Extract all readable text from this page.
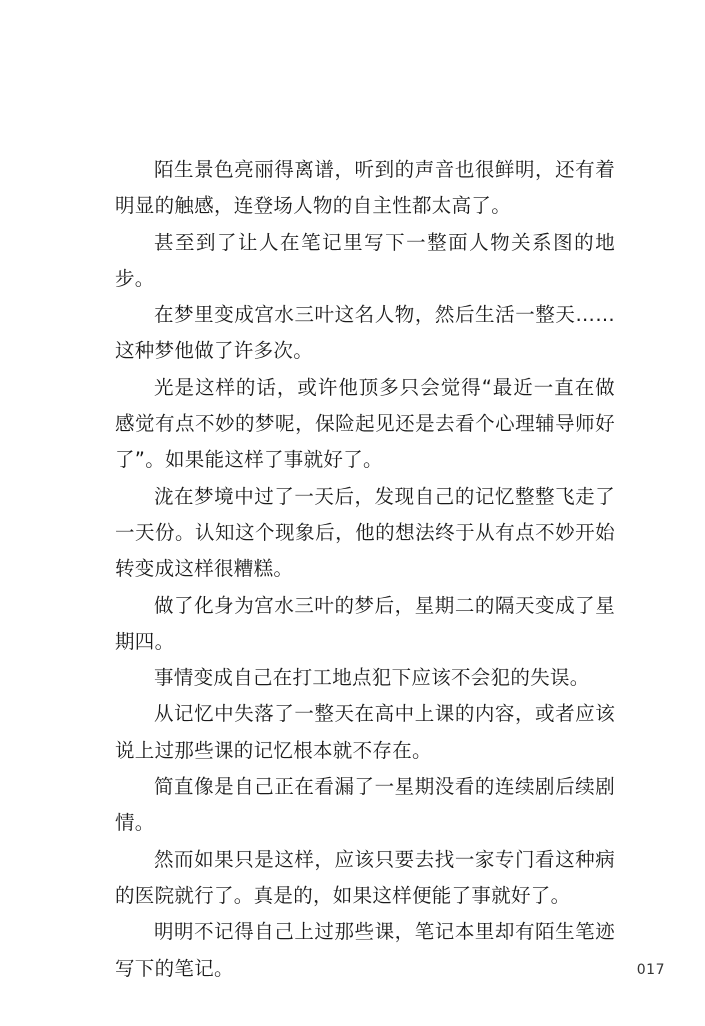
陌生景色亮丽得离谱，听到的声音也很鲜明，还有着明显的触感，连登场人物的自主性都太高了。

甚至到了让人在笔记里写下一整面人物关系图的地步。

在梦里变成宫水三叶这名人物，然后生活一整天……这种梦他做了许多次。

光是这样的话，或许他顶多只会觉得“最近一直在做感觉有点不妙的梦呢，保险起见还是去看个心理辅导师好了”。如果能这样了事就好了。

泷在梦境中过了一天后，发现自己的记忆整整飞走了一天份。认知这个现象后，他的想法终于从有点不妙开始转变成这样很糟糕。

做了化身为宫水三叶的梦后，星期二的隔天变成了星期四。

事情变成自己在打工地点犯下应该不会犯的失误。

从记忆中失落了一整天在高中上课的内容，或者应该说上过那些课的记忆根本就不存在。

简直像是自己正在看漏了一星期没看的连续剧后续剧情。

然而如果只是这样，应该只要去找一家专门看这种病的医院就行了。真是的，如果这样便能了事就好了。

明明不记得自己上过那些课，笔记本里却有陌生笔迹写下的笔记。	017
